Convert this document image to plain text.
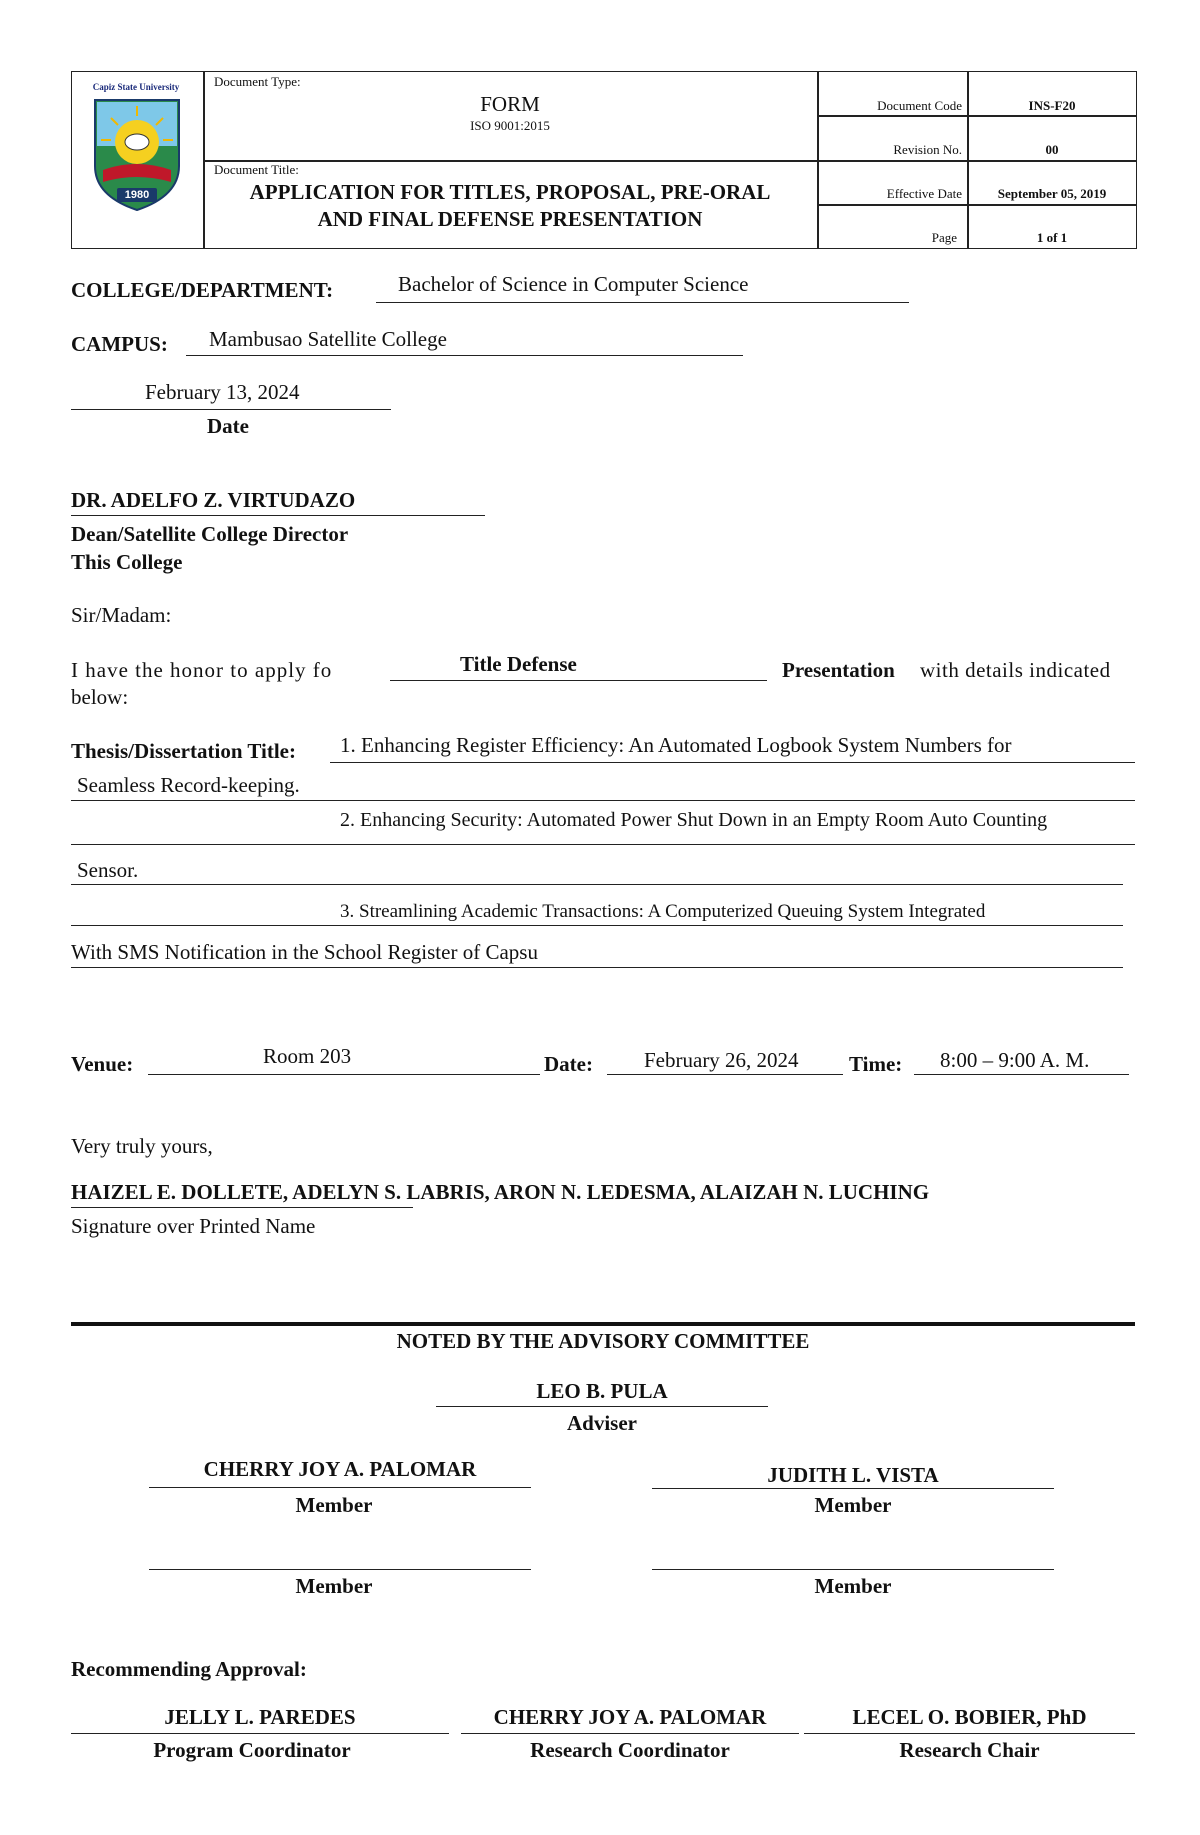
Capiz State University
1980
Document Type:
FORM
ISO 9001:2015
Document Title:
APPLICATION FOR TITLES, PROPOSAL, PRE-ORAL
AND FINAL DEFENSE PRESENTATION
Document Code	INS-F20
Revision No.	00
Effective Date	September 05, 2019
Page	1 of 1
COLLEGE/DEPARTMENT:	Bachelor of Science in Computer Science
CAMPUS: Mambusao Satellite College
February 13, 2024
Date
DR. ADELFO Z. VIRTUDAZO
Dean/Satellite College Director
This College
Sir/Madam:
I have the honor to apply fo	Title Defense	Presentation with details indicated
below:
Thesis/Dissertation Title: 1. Enhancing Register Efficiency: An Automated Logbook System Numbers for
Seamless Record-keeping.
2. Enhancing Security: Automated Power Shut Down in an Empty Room Auto Counting
Sensor.
3. Streamlining Academic Transactions: A Computerized Queuing System Integrated
With SMS Notification in the School Register of Capsu
Venue:	Room 203	Date: February 26, 2024 Time: 8:00 – 9:00 A. M.
Very truly yours,
HAIZEL E. DOLLETE, ADELYN S. LABRIS, ARON N. LEDESMA, ALAIZAH N. LUCHING
Signature over Printed Name
NOTED BY THE ADVISORY COMMITTEE
LEO B. PULA
Adviser
CHERRY JOY A. PALOMAR
Member
JUDITH L. VISTA
Member
Member	Member
Recommending Approval:
JELLY L. PAREDES
Program Coordinator
CHERRY JOY A. PALOMAR
Research Coordinator
LECEL O. BOBIER, PhD
Research Chair
